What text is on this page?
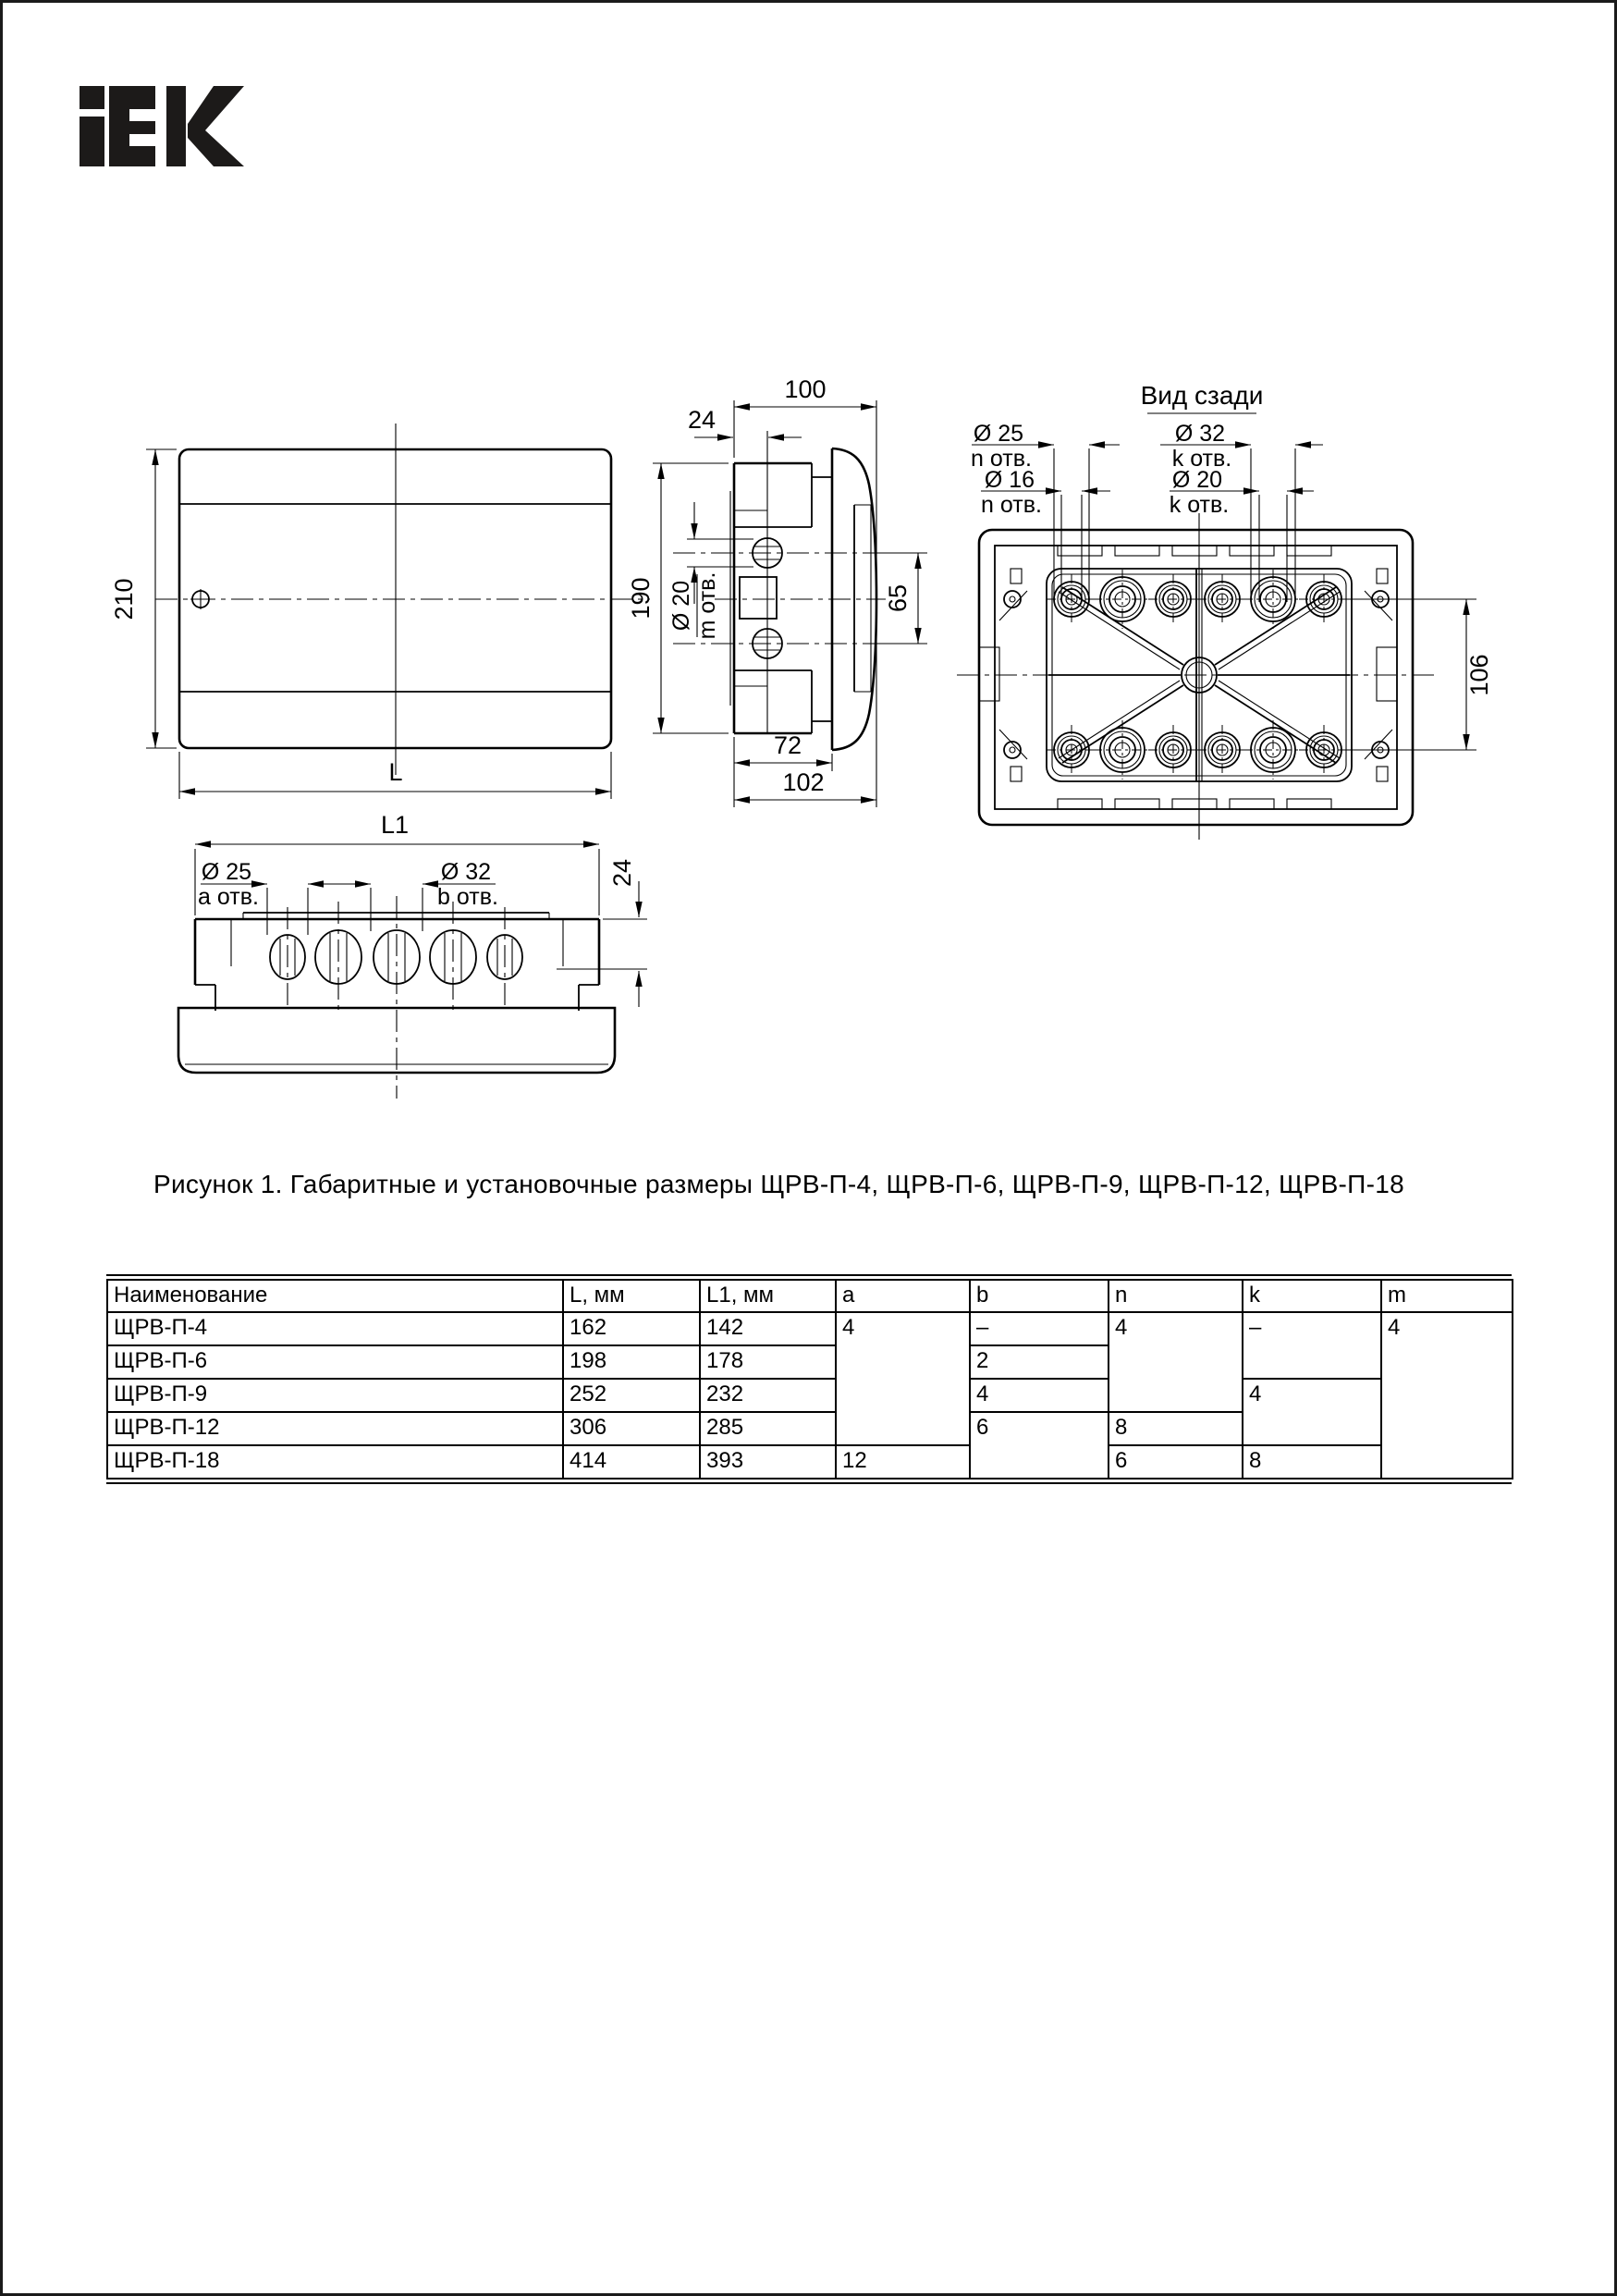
210
L
Ø 20 m отв.
100
24
190	65
72
102
Вид сзади
Ø 25
n отв.
Ø 16
n отв.
Ø 32
k отв.
Ø 20
k отв.
106
L1
24
Ø 25
a отв.
Ø 32
b отв.
Рисунок 1. Габаритные и установочные размеры ЩРВ-П-4, ЩРВ-П-6, ЩРВ-П-9, ЩРВ-П-12, ЩРВ-П-18
Наименование	L, мм	L1, мм	a	b	n	k	m
ЩРВ-П-4	162	142	4	–	4	–	4
ЩРВ-П-6	198	178		2			
ЩРВ-П-9	252	232		4		4	
ЩРВ-П-12	306	285		6	8		
ЩРВ-П-18	414	393	12		6	8	
